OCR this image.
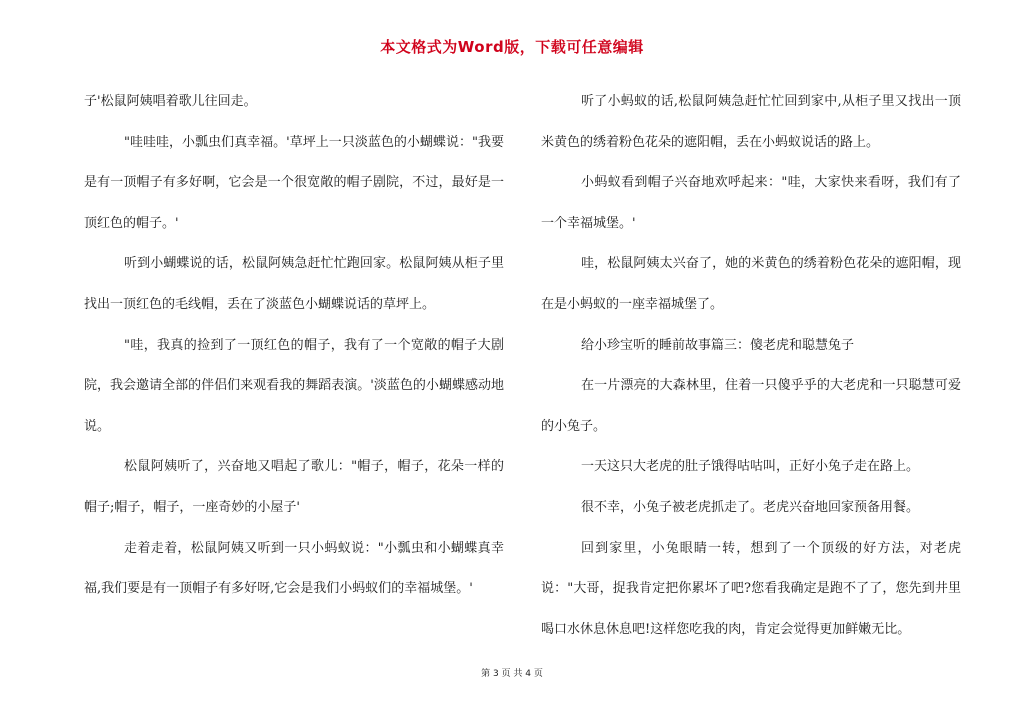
本文格式为Word版，下载可任意编辑

子'松鼠阿姨唱着歌儿往回走。

"哇哇哇，小瓢虫们真幸福。'草坪上一只淡蓝色的小蝴蝶说："我要是有一顶帽子有多好啊，它会是一个很宽敞的帽子剧院，不过，最好是一顶红色的帽子。'

听到小蝴蝶说的话，松鼠阿姨急赶忙忙跑回家。松鼠阿姨从柜子里找出一顶红色的毛线帽，丢在了淡蓝色小蝴蝶说话的草坪上。

"哇，我真的捡到了一顶红色的帽子，我有了一个宽敞的帽子大剧院，我会邀请全部的伴侣们来观看我的舞蹈表演。'淡蓝色的小蝴蝶感动地说。

松鼠阿姨听了，兴奋地又唱起了歌儿："帽子，帽子，花朵一样的帽子;帽子，帽子，一座奇妙的小屋子'

走着走着，松鼠阿姨又听到一只小蚂蚁说："小瓢虫和小蝴蝶真幸福,我们要是有一顶帽子有多好呀,它会是我们小蚂蚁们的幸福城堡。'

听了小蚂蚁的话,松鼠阿姨急赶忙忙回到家中,从柜子里又找出一顶米黄色的绣着粉色花朵的遮阳帽，丢在小蚂蚁说话的路上。

小蚂蚁看到帽子兴奋地欢呼起来："哇，大家快来看呀，我们有了一个幸福城堡。'

哇，松鼠阿姨太兴奋了，她的米黄色的绣着粉色花朵的遮阳帽，现在是小蚂蚁的一座幸福城堡了。

给小珍宝听的睡前故事篇三：傻老虎和聪慧兔子

在一片漂亮的大森林里，住着一只傻乎乎的大老虎和一只聪慧可爱的小兔子。

一天这只大老虎的肚子饿得咕咕叫，正好小兔子走在路上。

很不幸，小兔子被老虎抓走了。老虎兴奋地回家预备用餐。

回到家里，小兔眼睛一转，想到了一个顶级的好方法，对老虎说："大哥，捉我肯定把你累坏了吧?您看我确定是跑不了了，您先到井里喝口水休息休息吧!这样您吃我的肉，肯定会觉得更加鲜嫩无比。

第 3 页 共 4 页
